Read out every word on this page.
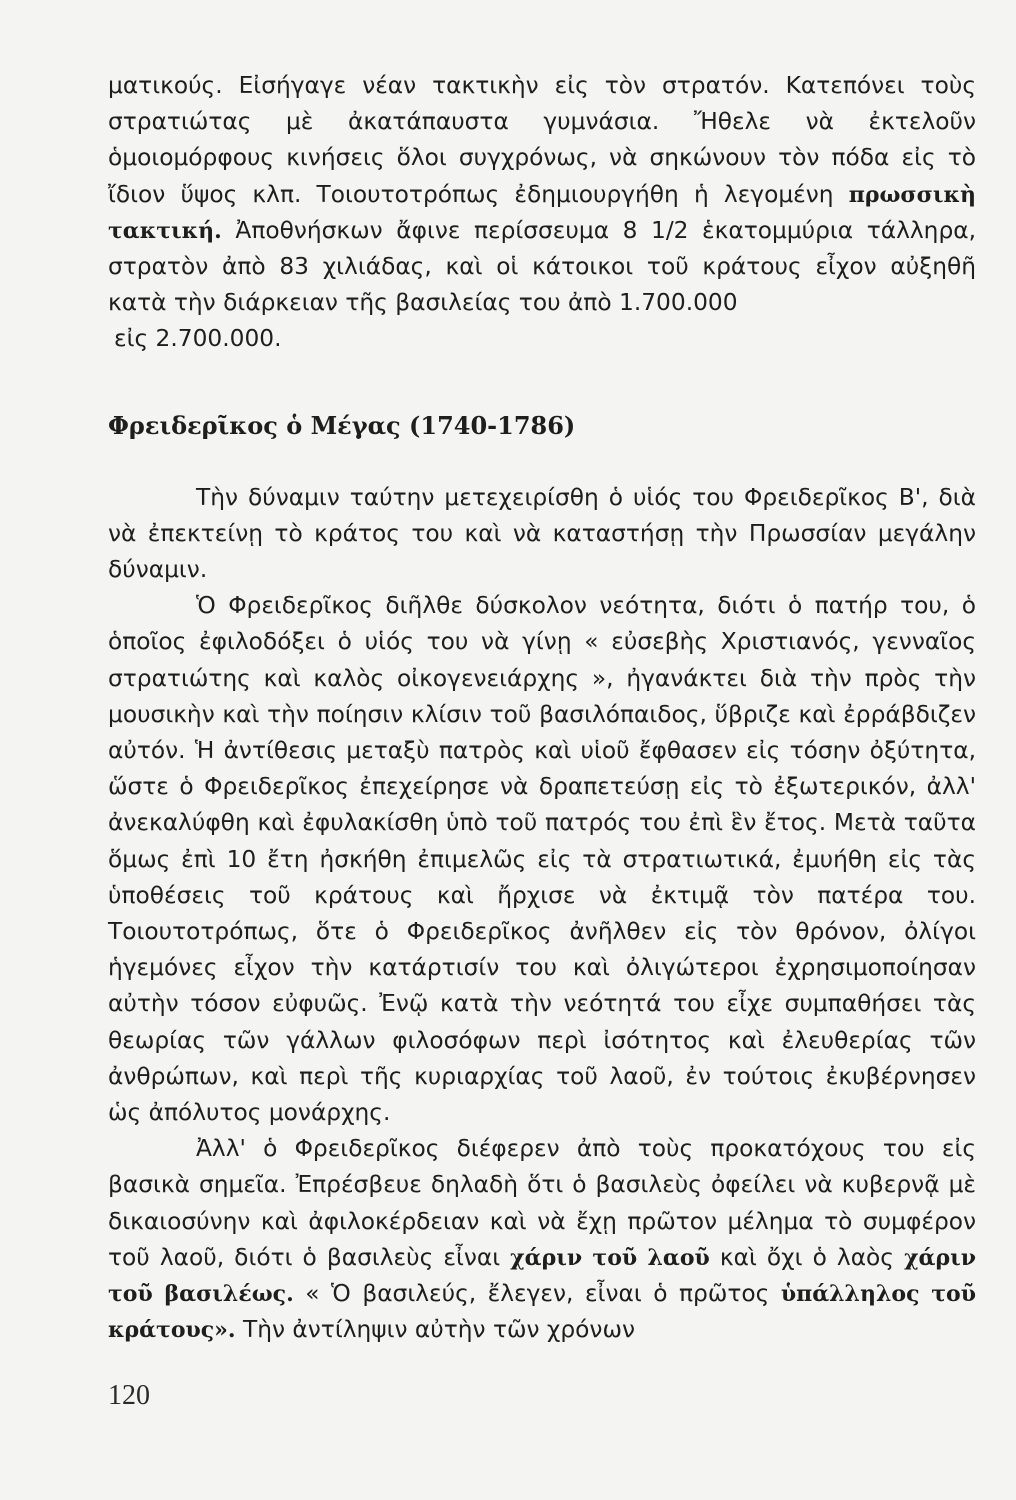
ματικούς. Εἰσήγαγε νέαν τακτικὴν εἰς τὸν στρατόν. Κατεπόνει τοὺς στρατιώτας μὲ ἀκατάπαυστα γυμνάσια. Ἤθελε νὰ ἐκτελοῦν ὁμοιομόρφους κινήσεις ὅλοι συγχρόνως, νὰ σηκώνουν τὸν πόδα εἰς τὸ ἴδιον ὕψος κλπ. Τοιουτοτρόπως ἐδημιουργήθη ἡ λεγομένη πρωσσικὴ τακτική. Ἀποθνήσκων ἄφινε περίσσευμα 8 1/2 ἑκατομμύρια τάλληρα, στρατὸν ἀπὸ 83 χιλιάδας, καὶ οἱ κάτοικοι τοῦ κράτους εἶχον αὐξηθῆ κατὰ τὴν διάρκειαν τῆς βασιλείας του ἀπὸ 1.700.000
εἰς 2.700.000.

Φρειδερῖκος ὁ Μέγας (1740-1786)

Τὴν δύναμιν ταύτην μετεχειρίσθη ὁ υἱός του Φρειδερῖκος Β', διὰ νὰ ἐπεκτείνῃ τὸ κράτος του καὶ νὰ καταστήσῃ τὴν Πρωσσίαν μεγάλην δύναμιν.

Ὁ Φρειδερῖκος διῆλθε δύσκολον νεότητα, διότι ὁ πατήρ του, ὁ ὁποῖος ἐφιλοδόξει ὁ υἱός του νὰ γίνῃ « εὐσεβὴς Χριστιανός, γενναῖος στρατιώτης καὶ καλὸς οἰκογενειάρχης », ἠγανάκτει διὰ τὴν πρὸς τὴν μουσικὴν καὶ τὴν ποίησιν κλίσιν τοῦ βασιλόπαιδος, ὕβριζε καὶ ἐρράβδιζεν αὐτόν. Ἡ ἀντίθεσις μεταξὺ πατρὸς καὶ υἱοῦ ἔφθασεν εἰς τόσην ὀξύτητα, ὥστε ὁ Φρειδερῖκος ἐπεχείρησε νὰ δραπετεύσῃ εἰς τὸ ἐξωτερικόν, ἀλλ' ἀνεκαλύφθη καὶ ἐφυλακίσθη ὑπὸ τοῦ πατρός του ἐπὶ ἓν ἔτος. Μετὰ ταῦτα ὅμως ἐπὶ 10 ἔτη ἠσκήθη ἐπιμελῶς εἰς τὰ στρατιωτικά, ἐμυήθη εἰς τὰς ὑποθέσεις τοῦ κράτους καὶ ἤρχισε νὰ ἐκτιμᾷ τὸν πατέρα του. Τοιουτοτρόπως, ὅτε ὁ Φρειδερῖκος ἀνῆλθεν εἰς τὸν θρόνον, ὀλίγοι ἡγεμόνες εἶχον τὴν κατάρτισίν του καὶ ὀλιγώτεροι ἐχρησιμοποίησαν αὐτὴν τόσον εὐφυῶς. Ἐνῷ κατὰ τὴν νεότητά του εἶχε συμπαθήσει τὰς θεωρίας τῶν γάλλων φιλοσόφων περὶ ἰσότητος καὶ ἐλευθερίας τῶν ἀνθρώπων, καὶ περὶ τῆς κυριαρχίας τοῦ λαοῦ, ἐν τούτοις ἐκυβέρνησεν ὡς ἀπόλυτος μονάρχης.

Ἀλλ' ὁ Φρειδερῖκος διέφερεν ἀπὸ τοὺς προκατόχους του εἰς βασικὰ σημεῖα. Ἐπρέσβευε δηλαδὴ ὅτι ὁ βασιλεὺς ὀφείλει νὰ κυβερνᾷ μὲ δικαιοσύνην καὶ ἀφιλοκέρδειαν καὶ νὰ ἔχῃ πρῶτον μέλημα τὸ συμφέρον τοῦ λαοῦ, διότι ὁ βασιλεὺς εἶναι χάριν τοῦ λαοῦ καὶ ὄχι ὁ λαὸς χάριν τοῦ βασιλέως. « Ὁ βασιλεύς, ἔλεγεν, εἶναι ὁ πρῶτος ὑπάλληλος τοῦ κράτους». Τὴν ἀντίληψιν αὐτὴν τῶν χρόνων

120
